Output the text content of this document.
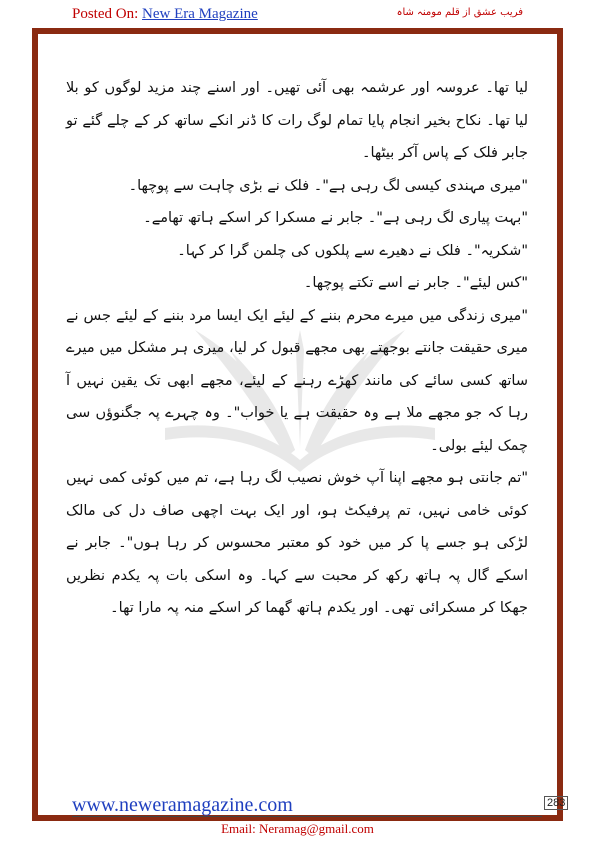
Posted On: New Era Magazine	فریب عشق از قلم مومنہ شاہ

لیا تھا۔ عروسہ اور عرشمہ بھی آئی تھیں۔ اور اسنے چند مزید لوگوں کو بلا لیا تھا۔ نکاح بخیر انجام پایا تمام لوگ رات کا ڈنر انکے ساتھ کر کے چلے گئے تو جابر فلک کے پاس آکر بیٹھا۔

"میری مہندی کیسی لگ رہی ہے"۔ فلک نے بڑی چاہت سے پوچھا۔

"بہت پیاری لگ رہی ہے"۔ جابر نے مسکرا کر اسکے ہاتھ تھامے۔

"شکریہ"۔ فلک نے دھیرے سے پلکوں کی چلمن گرا کر کہا۔

"کس لیئے"۔ جابر نے اسے تکتے پوچھا۔

"میری زندگی میں میرے محرم بننے کے لیئے ایک ایسا مرد بننے کے لیئے جس نے میری حقیقت جانتے بوجھتے بھی مجھے قبول کر لیا، میری ہر مشکل میں میرے ساتھ کسی سائے کی مانند کھڑے رہنے کے لیئے، مجھے ابھی تک یقین نہیں آ رہا کہ جو مجھے ملا ہے وہ حقیقت ہے یا خواب"۔ وہ چہرے پہ جگنوؤں سی چمک لیئے بولی۔

"تم جانتی ہو مجھے اپنا آپ خوش نصیب لگ رہا ہے، تم میں کوئی کمی نہیں کوئی خامی نہیں، تم پرفیکٹ ہو، اور ایک بہت اچھی صاف دل کی مالک لڑکی ہو جسے پا کر میں خود کو معتبر محسوس کر رہا ہوں"۔ جابر نے اسکے گال پہ ہاتھ رکھ کر محبت سے کہا۔ وہ اسکی بات پہ یکدم نظریں جھکا کر مسکرائی تھی۔ اور یکدم ہاتھ گھما کر اسکے منہ پہ مارا تھا۔

www.neweramagazine.com	283
Email: Neramag@gmail.com
